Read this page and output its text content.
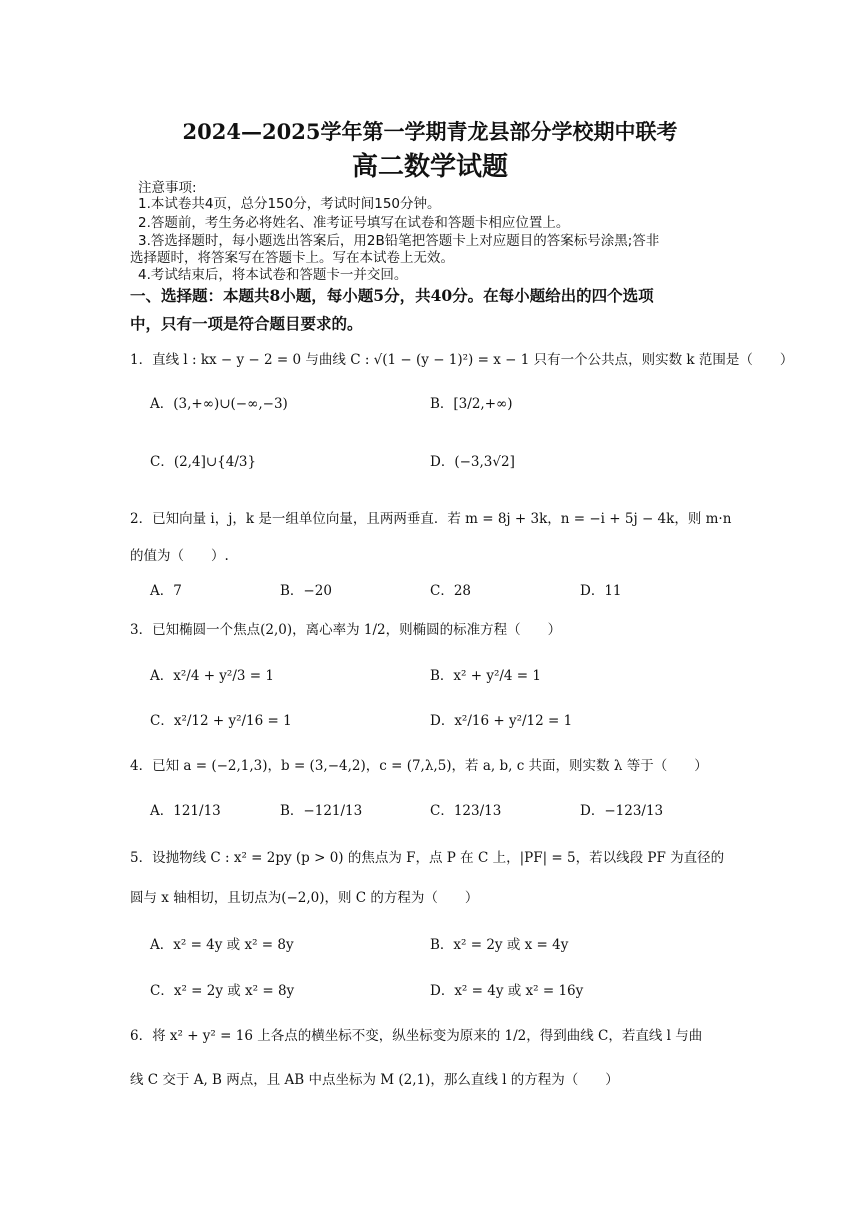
2024—2025学年第一学期青龙县部分学校期中联考
高二数学试题
注意事项:
1.本试卷共4页，总分150分，考试时间150分钟。
2.答题前，考生务必将姓名、准考证号填写在试卷和答题卡相应位置上。
3.答选择题时，每小题选出答案后，用2B铅笔把答题卡上对应题目的答案标号涂黑;答非
选择题时，将答案写在答题卡上。写在本试卷上无效。
4.考试结束后，将本试卷和答题卡一并交回。
一、选择题：本题共8小题，每小题5分，共40分。在每小题给出的四个选项
中，只有一项是符合题目要求的。
1．直线 l : kx − y − 2 = 0 与曲线 C : √(1 − (y − 1)²) = x − 1 只有一个公共点，则实数 k 范围是（　　）
A．(3,+∞)∪(−∞,−3)	B．[3/2,+∞)
C．(2,4]∪{4/3}	D．(−3,3√2]
2．已知向量 i，j，k 是一组单位向量，且两两垂直．若 m = 8j + 3k，n = −i + 5j − 4k，则 m·n
的值为（　　）.
A．7	B．−20	C．28	D．11
3．已知椭圆一个焦点(2,0)，离心率为 1/2，则椭圆的标准方程（　　）
A．x²/4 + y²/3 = 1	B．x² + y²/4 = 1
C．x²/12 + y²/16 = 1	D．x²/16 + y²/12 = 1
4．已知 a = (−2,1,3)，b = (3,−4,2)，c = (7,λ,5)，若 a, b, c 共面，则实数 λ 等于（　　）
A．121/13	B．−121/13	C．123/13	D．−123/13
5．设抛物线 C : x² = 2py (p > 0) 的焦点为 F，点 P 在 C 上，|PF| = 5，若以线段 PF 为直径的
圆与 x 轴相切，且切点为(−2,0)，则 C 的方程为（　　）
A．x² = 4y 或 x² = 8y	B．x² = 2y 或 x = 4y
C．x² = 2y 或 x² = 8y	D．x² = 4y 或 x² = 16y
6．将 x² + y² = 16 上各点的横坐标不变，纵坐标变为原来的 1/2，得到曲线 C，若直线 l 与曲
线 C 交于 A, B 两点，且 AB 中点坐标为 M (2,1)，那么直线 l 的方程为（　　）
